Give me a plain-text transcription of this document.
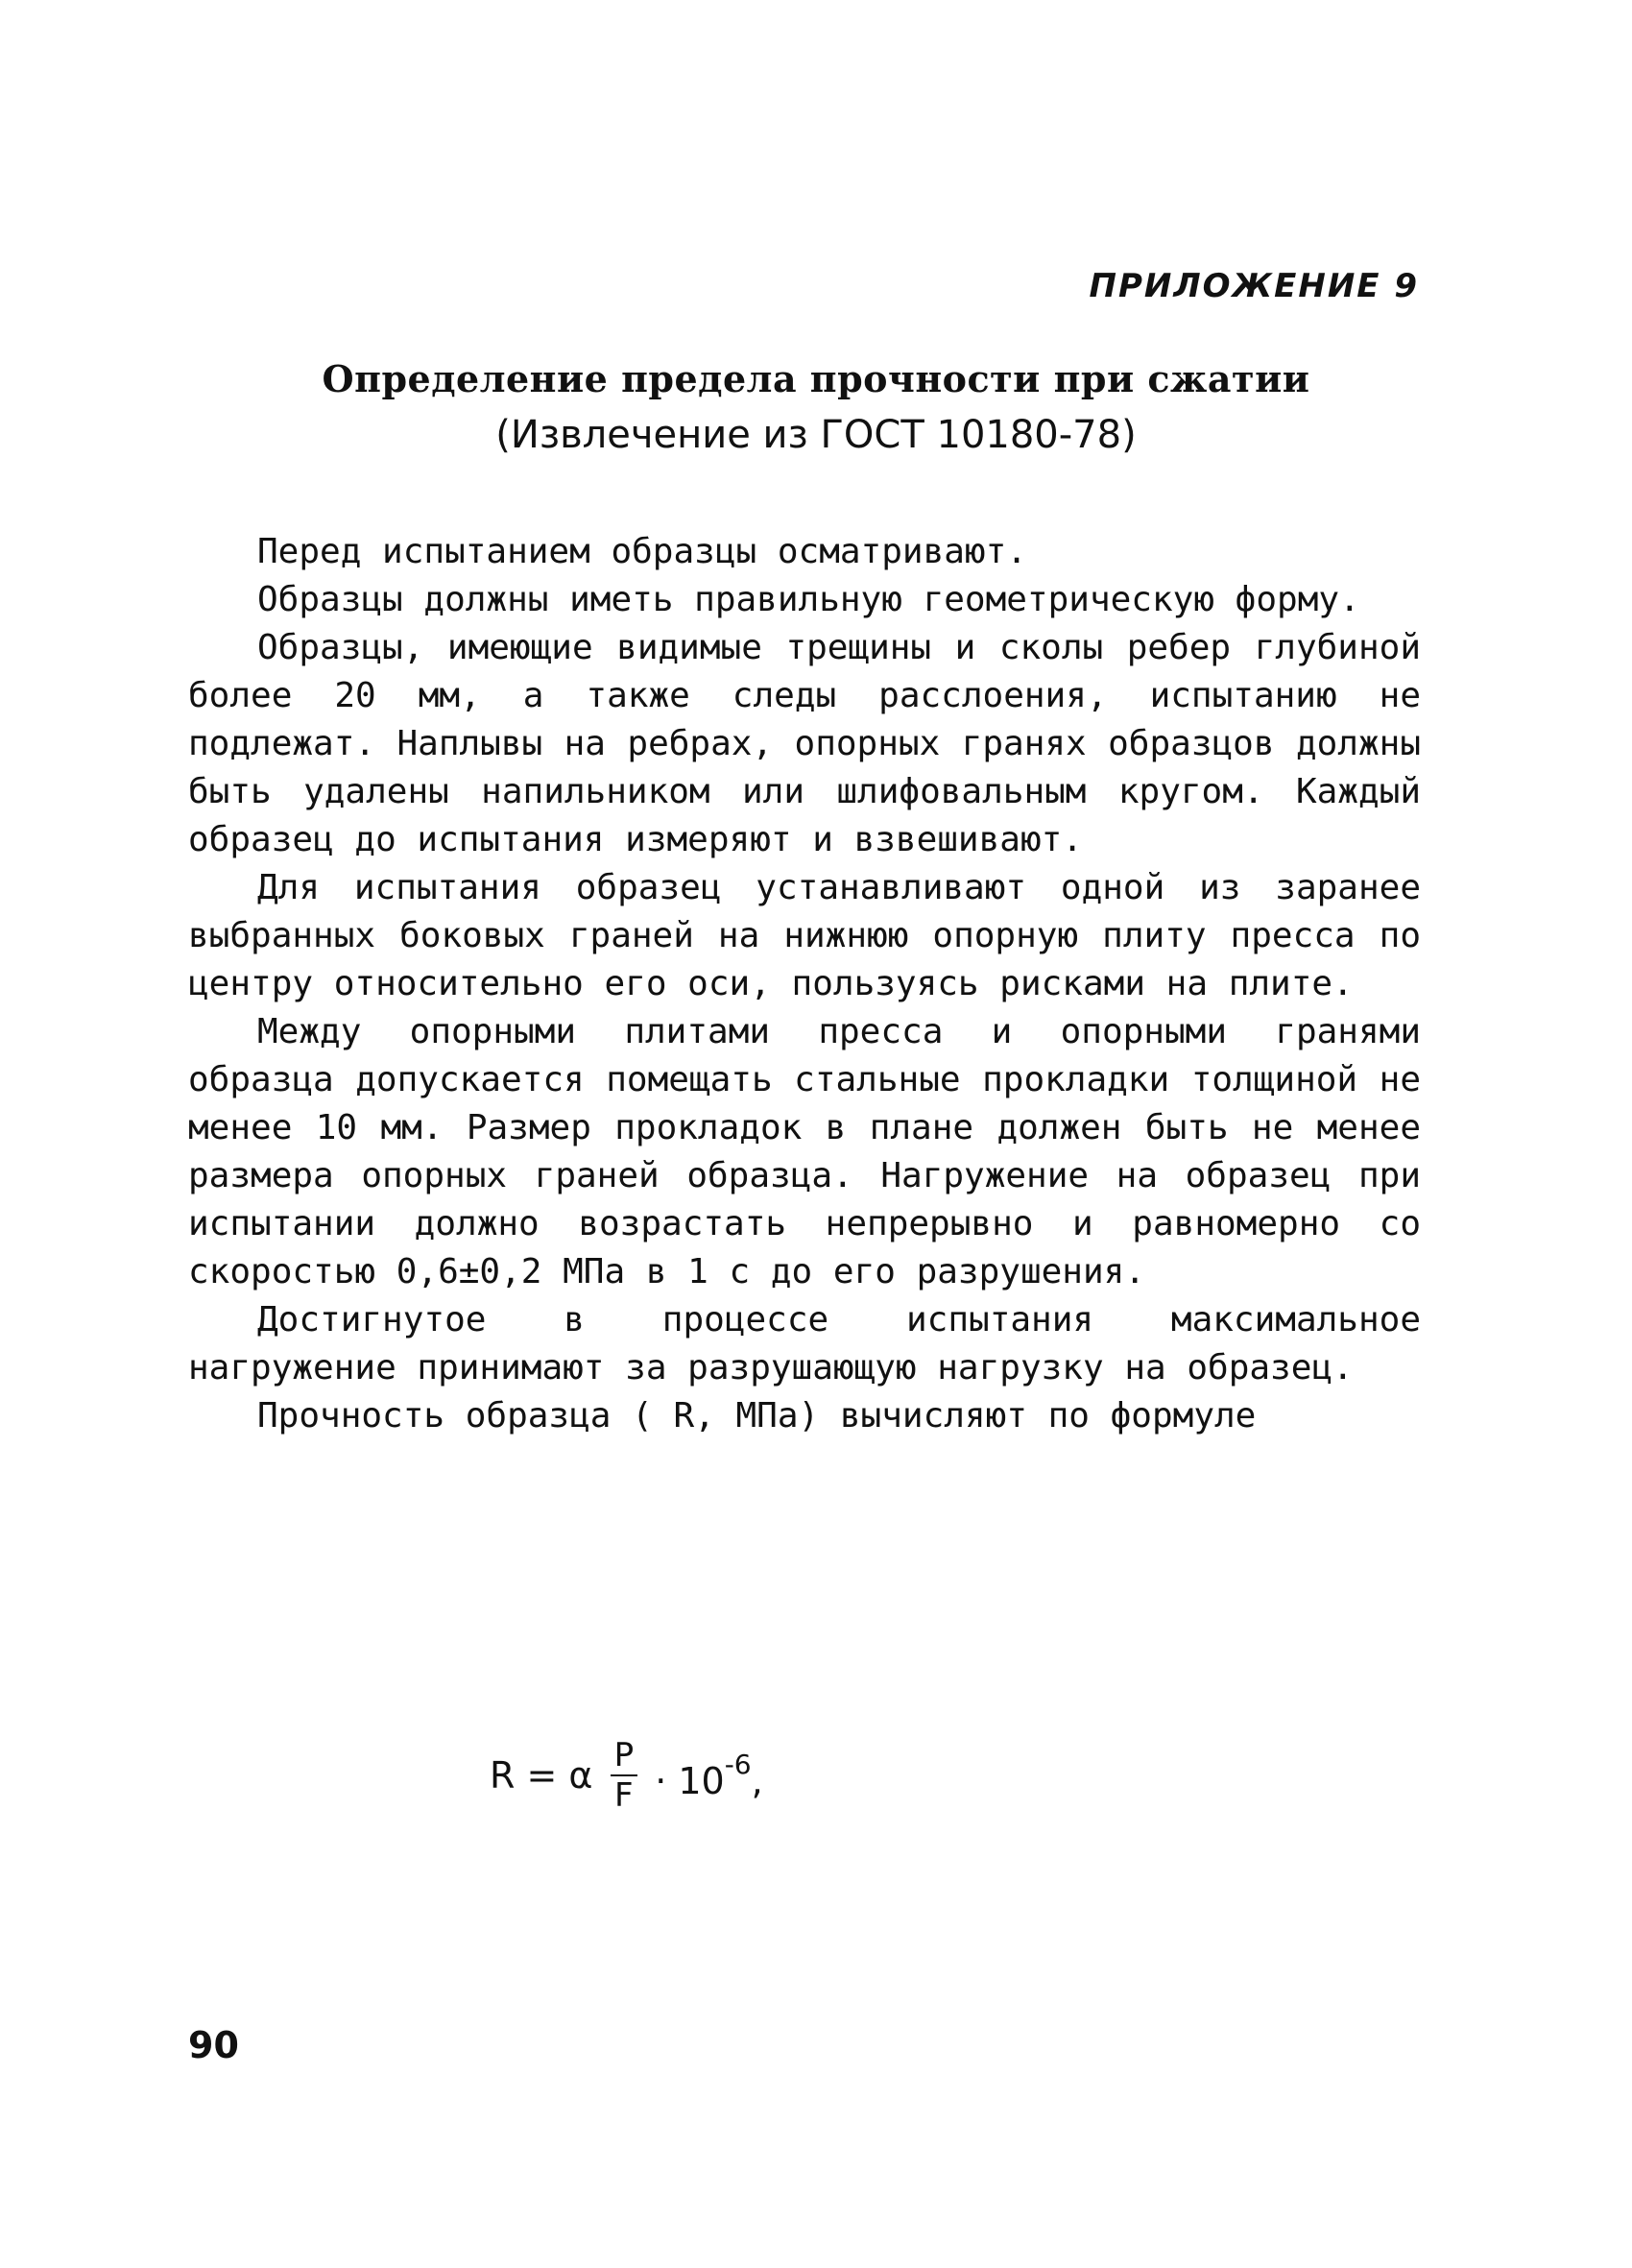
ПРИЛОЖЕНИЕ 9
Определение предела прочности при сжатии
(Извлечение из ГОСТ 10180-78)

Перед испытанием образцы осматривают.

Образцы должны иметь правильную геометрическую форму.

Образцы, имеющие видимые трещины и сколы ребер глубиной более 20 мм, а также следы расслоения, испытанию не подлежат. Наплывы на ребрах, опорных гранях образцов должны быть удалены напильником или шлифовальным кругом. Каждый образец до испытания измеряют и взвешивают.

Для испытания образец устанавливают одной из заранее выбранных боковых граней на нижнюю опорную плиту пресса по центру относительно его оси, пользуясь рисками на плите.

Между опорными плитами пресса и опорными гранями образца допускается помещать стальные прокладки толщиной не менее 10 мм. Размер прокладок в плане должен быть не менее размера опорных граней образца. Нагружение на образец при испытании должно возрастать непрерывно и равномерно со скоростью 0,6±0,2 МПа в 1 с до его разрушения.

Достигнутое в процессе испытания максимальное нагружение принимают за разрушающую нагрузку на образец.

Прочность образца ( R, МПа) вычисляют по формуле

R = α $\frac{P}{F} \cdot 10^{-6}$,
90
